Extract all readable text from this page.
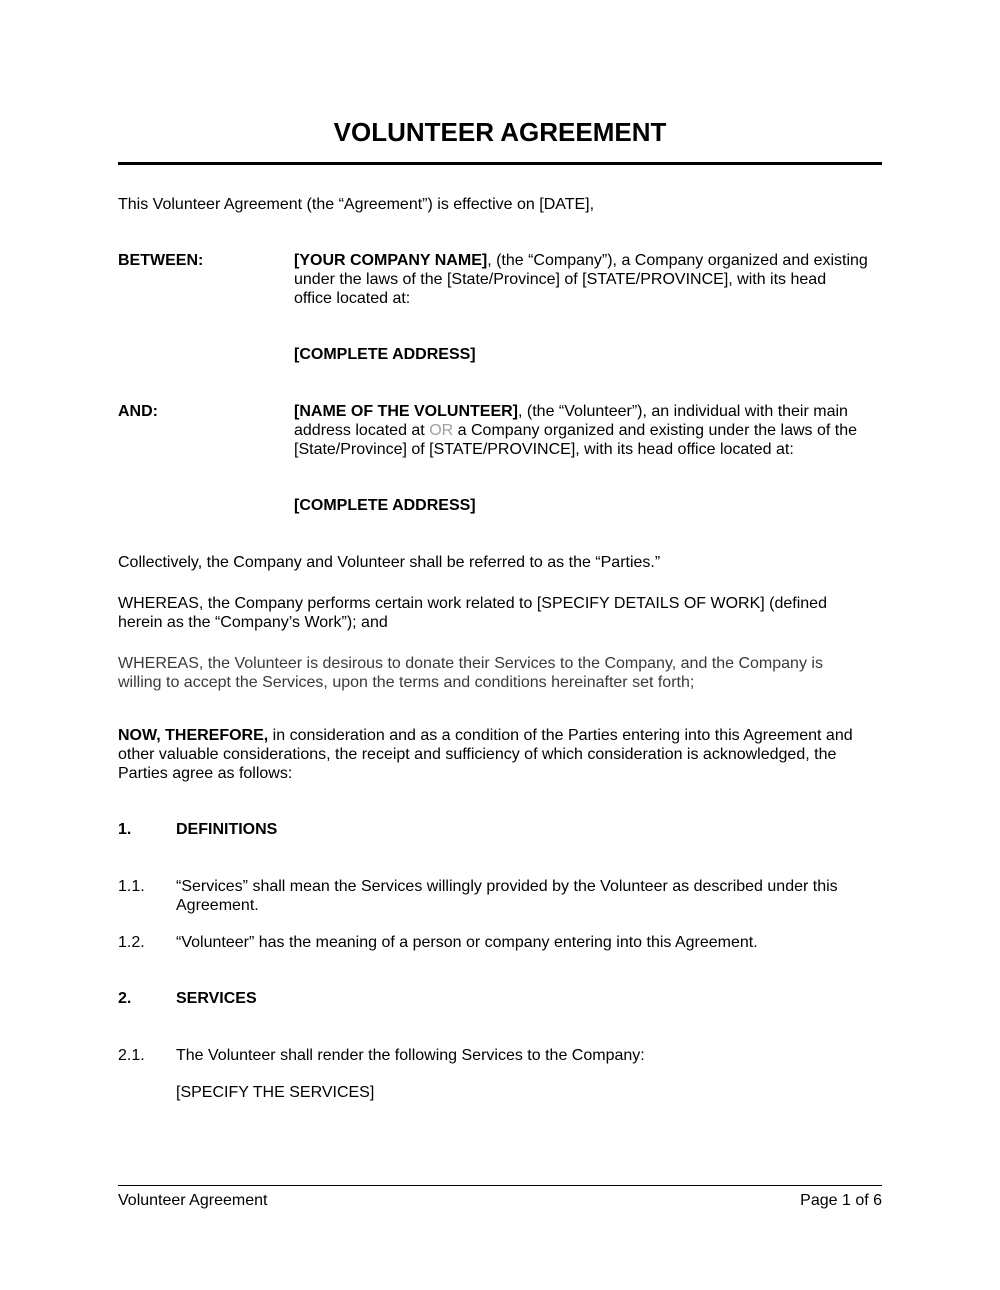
VOLUNTEER AGREEMENT
This Volunteer Agreement (the “Agreement”) is effective on [DATE],
BETWEEN:	[YOUR COMPANY NAME], (the “Company”), a Company organized and existing
under the laws of the [State/Province] of [STATE/PROVINCE], with its head
office located at:
[COMPLETE ADDRESS]
AND:	[NAME OF THE VOLUNTEER], (the “Volunteer”), an individual with their main
address located at OR a Company organized and existing under the laws of the
[State/Province] of [STATE/PROVINCE], with its head office located at:
[COMPLETE ADDRESS]
Collectively, the Company and Volunteer shall be referred to as the “Parties.”
WHEREAS, the Company performs certain work related to [SPECIFY DETAILS OF WORK] (defined
herein as the “Company’s Work”); and
WHEREAS, the Volunteer is desirous to donate their Services to the Company, and the Company is
willing to accept the Services, upon the terms and conditions hereinafter set forth;
NOW, THEREFORE, in consideration and as a condition of the Parties entering into this Agreement and
other valuable considerations, the receipt and sufficiency of which consideration is acknowledged, the
Parties agree as follows:
1.	DEFINITIONS
1.1. “Services” shall mean the Services willingly provided by the Volunteer as described under this
Agreement.
1.2. “Volunteer” has the meaning of a person or company entering into this Agreement.
2.	SERVICES
2.1. The Volunteer shall render the following Services to the Company:
[SPECIFY THE SERVICES]
Volunteer Agreement	Page 1 of 6
